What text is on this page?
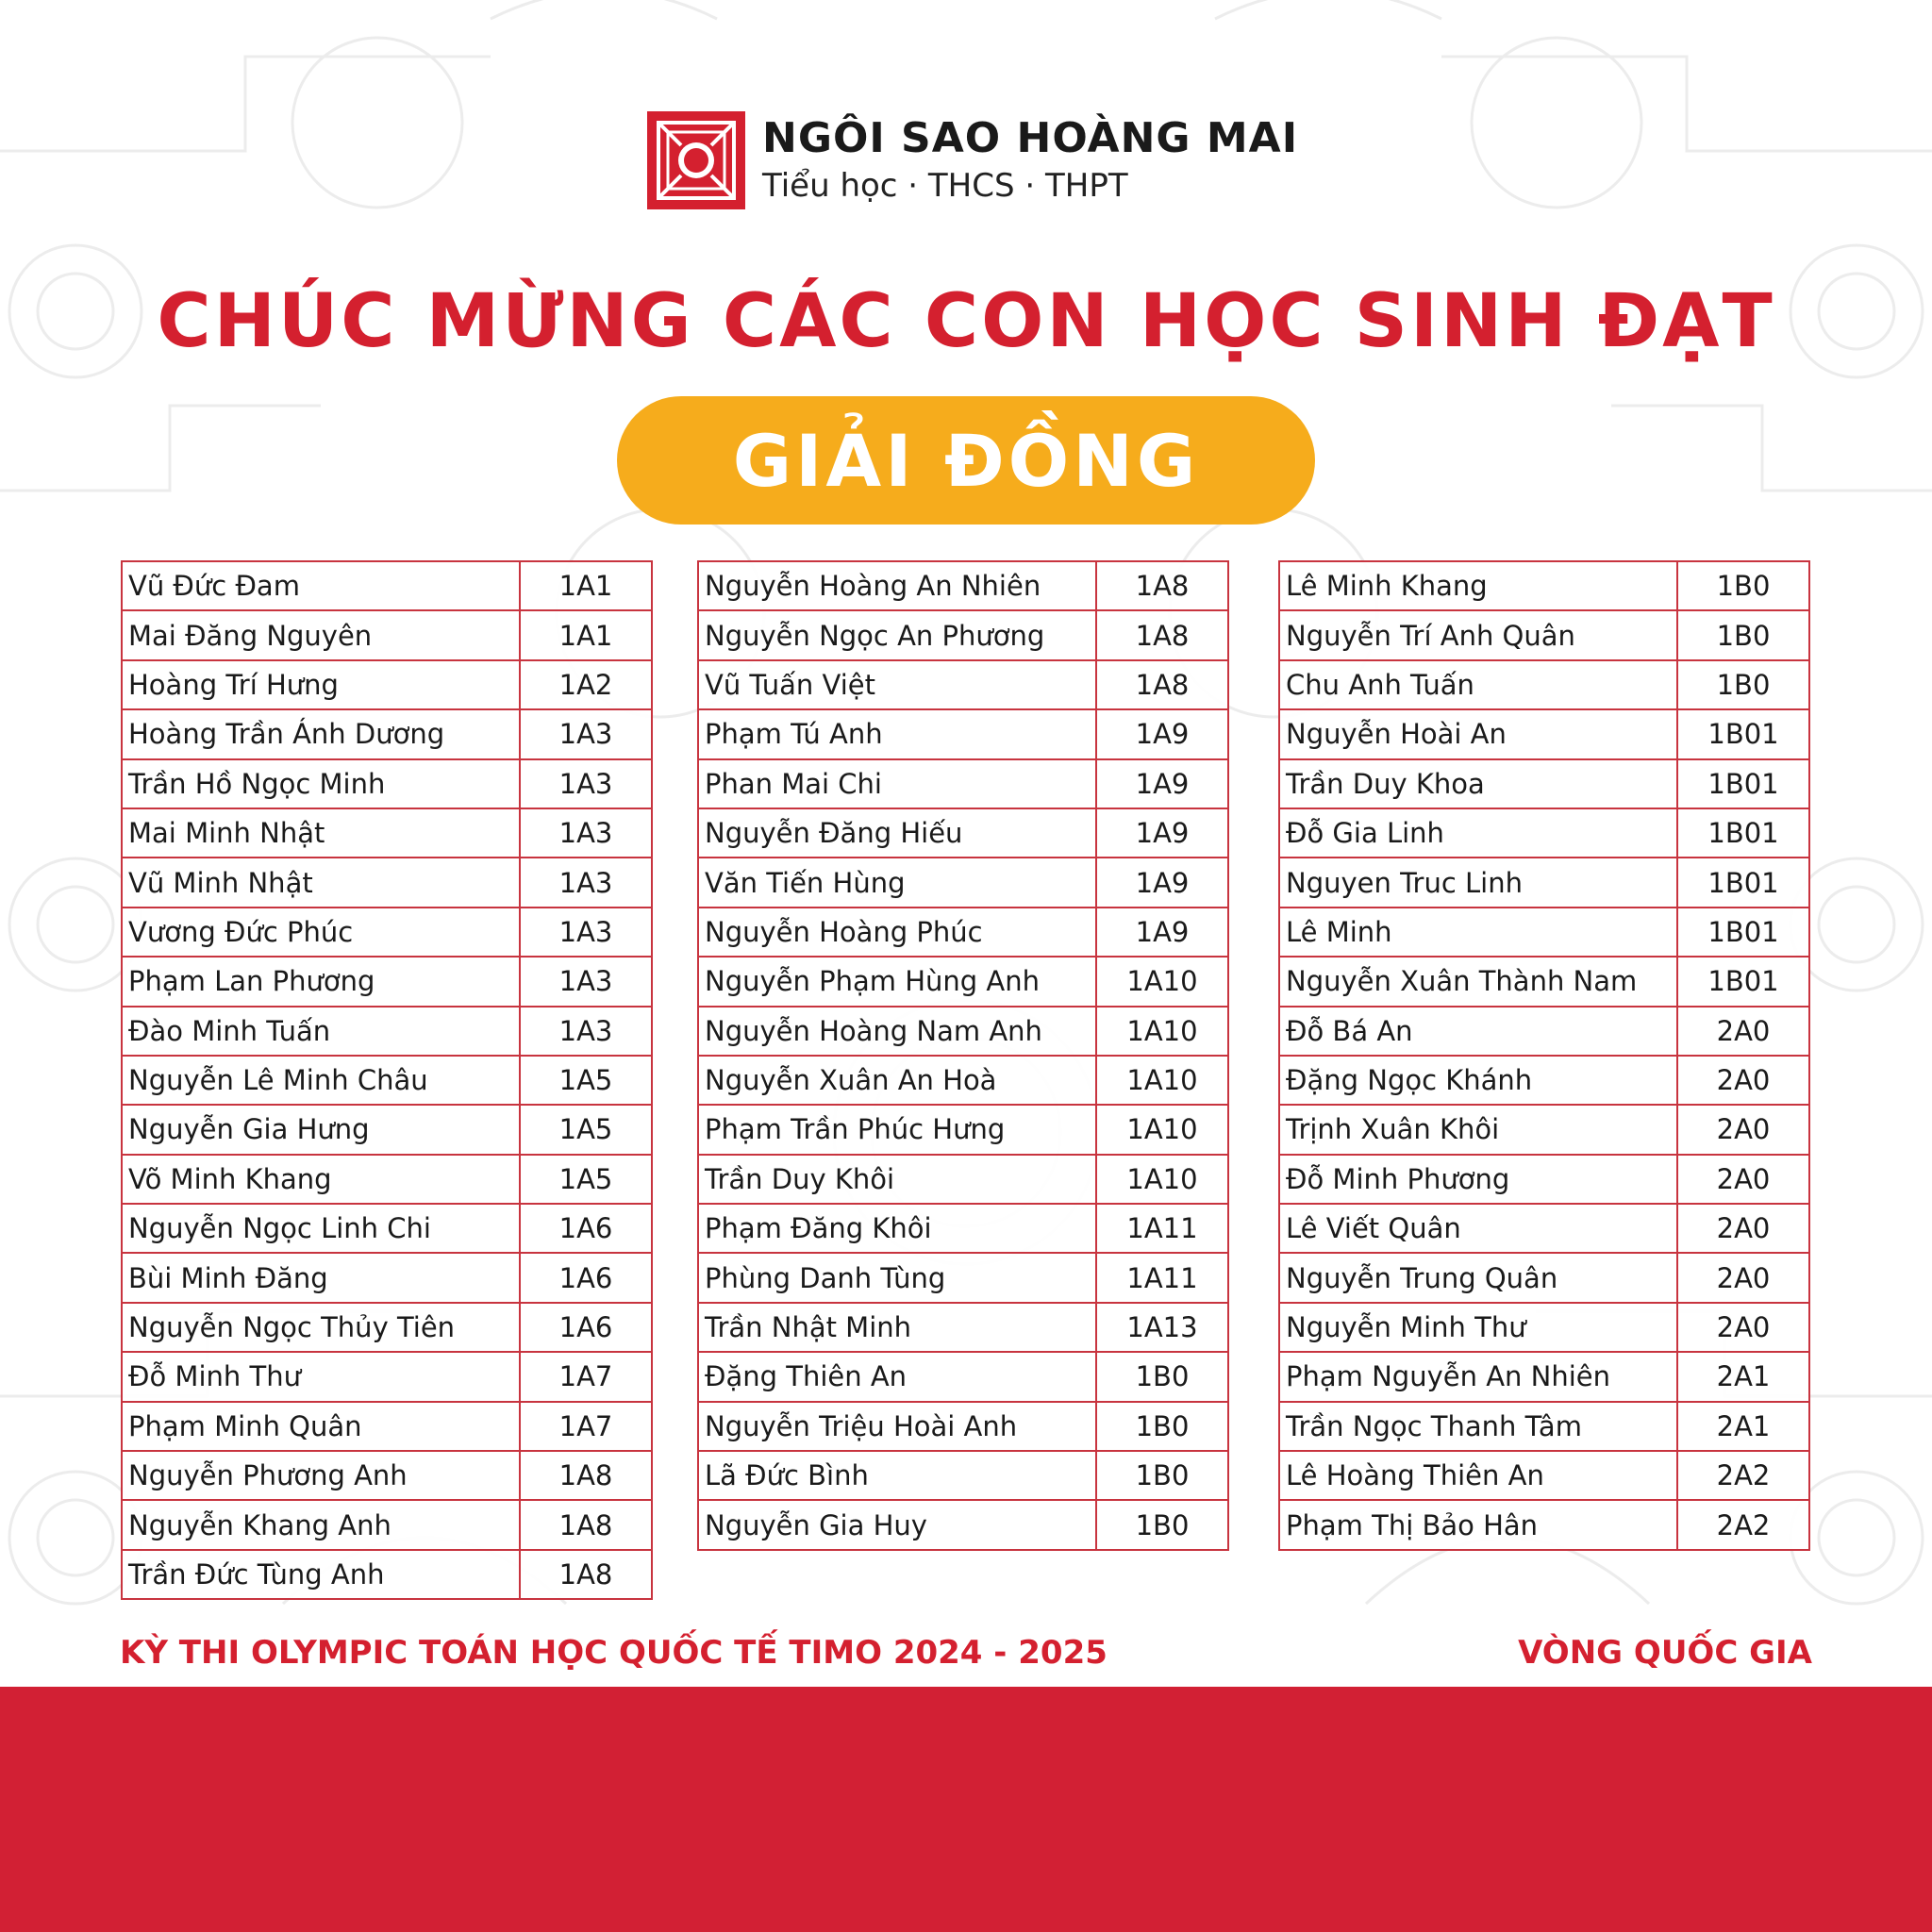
NGÔI SAO HOÀNG MAI
Tiểu học · THCS · THPT
CHÚC MỪNG CÁC CON HỌC SINH ĐẠT
GIẢI ĐỒNG
Vũ Đức Đam	1A1
Mai Đăng Nguyên	1A1
Hoàng Trí Hưng	1A2
Hoàng Trần Ánh Dương	1A3
Trần Hồ Ngọc Minh	1A3
Mai Minh Nhật	1A3
Vũ Minh Nhật	1A3
Vương Đức Phúc	1A3
Phạm Lan Phương	1A3
Đào Minh Tuấn	1A3
Nguyễn Lê Minh Châu	1A5
Nguyễn Gia Hưng	1A5
Võ Minh Khang	1A5
Nguyễn Ngọc Linh Chi	1A6
Bùi Minh Đăng	1A6
Nguyễn Ngọc Thủy Tiên	1A6
Đỗ Minh Thư	1A7
Phạm Minh Quân	1A7
Nguyễn Phương Anh	1A8
Nguyễn Khang Anh	1A8
Trần Đức Tùng Anh	1A8
Nguyễn Hoàng An Nhiên	1A8
Nguyễn Ngọc An Phương	1A8
Vũ Tuấn Việt	1A8
Phạm Tú Anh	1A9
Phan Mai Chi	1A9
Nguyễn Đăng Hiếu	1A9
Văn Tiến Hùng	1A9
Nguyễn Hoàng Phúc	1A9
Nguyễn Phạm Hùng Anh	1A10
Nguyễn Hoàng Nam Anh	1A10
Nguyễn Xuân An Hoà	1A10
Phạm Trần Phúc Hưng	1A10
Trần Duy Khôi	1A10
Phạm Đăng Khôi	1A11
Phùng Danh Tùng	1A11
Trần Nhật Minh	1A13
Đặng Thiên An	1B0
Nguyễn Triệu Hoài Anh	1B0
Lã Đức Bình	1B0
Nguyễn Gia Huy	1B0
Lê Minh Khang	1B0
Nguyễn Trí Anh Quân	1B0
Chu Anh Tuấn	1B0
Nguyễn Hoài An	1B01
Trần Duy Khoa	1B01
Đỗ Gia Linh	1B01
Nguyen Truc Linh	1B01
Lê Minh	1B01
Nguyễn Xuân Thành Nam	1B01
Đỗ Bá An	2A0
Đặng Ngọc Khánh	2A0
Trịnh Xuân Khôi	2A0
Đỗ Minh Phương	2A0
Lê Viết Quân	2A0
Nguyễn Trung Quân	2A0
Nguyễn Minh Thư	2A0
Phạm Nguyễn An Nhiên	2A1
Trần Ngọc Thanh Tâm	2A1
Lê Hoàng Thiên An	2A2
Phạm Thị Bảo Hân	2A2
KỲ THI OLYMPIC TOÁN HỌC QUỐC TẾ TIMO 2024 - 2025	VÒNG QUỐC GIA
